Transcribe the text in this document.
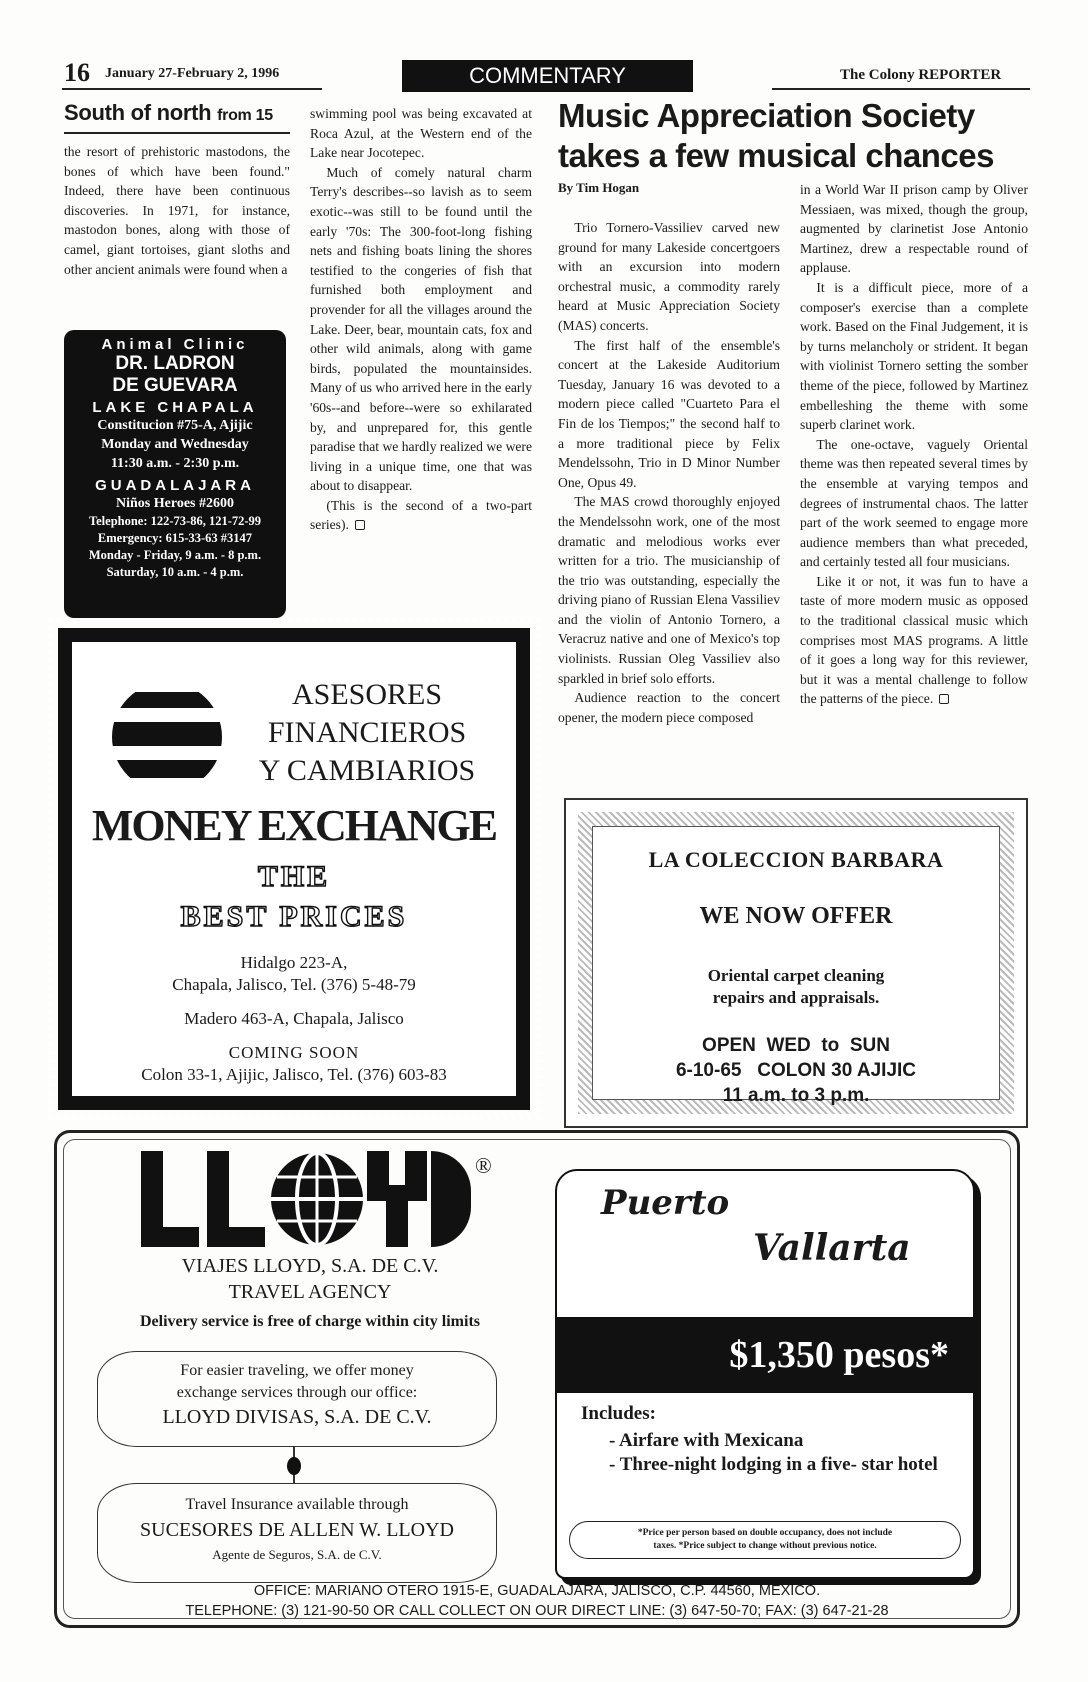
16 January 27-February 2, 1996	COMMENTARY	The Colony REPORTER
South of north from 15

the resort of prehistoric mastodons, the bones of which have been found." Indeed, there have been continuous discoveries. In 1971, for instance, mastodon bones, along with those of camel, giant tortoises, giant sloths and other ancient animals were found when a

Animal Clinic
DR. LADRON
DE GUEVARA
LAKE CHAPALA
Constitucion #75-A, Ajijic
Monday and Wednesday
11:30 a.m. - 2:30 p.m.
GUADALAJARA
Niños Heroes #2600
Telephone: 122-73-86, 121-72-99
Emergency: 615-33-63 #3147
Monday - Friday, 9 a.m. - 8 p.m.
Saturday, 10 a.m. - 4 p.m.

swimming pool was being excavated at Roca Azul, at the Western end of the Lake near Jocotepec.

Much of comely natural charm Terry's describes--so lavish as to seem exotic--was still to be found until the early '70s: The 300-foot-long fishing nets and fishing boats lining the shores testified to the congeries of fish that furnished both employment and provender for all the villages around the Lake. Deer, bear, mountain cats, fox and other wild animals, along with game birds, populated the mountainsides. Many of us who arrived here in the early '60s--and before--were so exhilarated by, and unprepared for, this gentle paradise that we hardly realized we were living in a unique time, one that was about to disappear.

(This is the second of a two-part series).

ASESORES
FINANCIEROS
Y CAMBIARIOS
MONEY EXCHANGE
THE
BEST PRICES
Hidalgo 223-A,
Chapala, Jalisco, Tel. (376) 5-48-79
Madero 463-A, Chapala, Jalisco
COMING SOON
Colon 33-1, Ajijic, Jalisco, Tel. (376) 603-83
Music Appreciation Society takes a few musical chances
By Tim Hogan

Trio Tornero-Vassiliev carved new ground for many Lakeside concertgoers with an excursion into modern orchestral music, a commodity rarely heard at Music Appreciation Society (MAS) concerts.

The first half of the ensemble's concert at the Lakeside Auditorium Tuesday, January 16 was devoted to a modern piece called "Cuarteto Para el Fin de los Tiempos;" the second half to a more traditional piece by Felix Mendelssohn, Trio in D Minor Number One, Opus 49.

The MAS crowd thoroughly enjoyed the Mendelssohn work, one of the most dramatic and melodious works ever written for a trio. The musicianship of the trio was outstanding, especially the driving piano of Russian Elena Vassiliev and the violin of Antonio Tornero, a Veracruz native and one of Mexico's top violinists. Russian Oleg Vassiliev also sparkled in brief solo efforts.

Audience reaction to the concert opener, the modern piece composed

in a World War II prison camp by Oliver Messiaen, was mixed, though the group, augmented by clarinetist Jose Antonio Martinez, drew a respectable round of applause.

It is a difficult piece, more of a composer's exercise than a complete work. Based on the Final Judgement, it is by turns melancholy or strident. It began with violinist Tornero setting the somber theme of the piece, followed by Martinez embelleshing the theme with some superb clarinet work.

The one-octave, vaguely Oriental theme was then repeated several times by the ensemble at varying tempos and degrees of instrumental chaos. The latter part of the work seemed to engage more audience members than what preceded, and certainly tested all four musicians.

Like it or not, it was fun to have a taste of more modern music as opposed to the traditional classical music which comprises most MAS programs. A little of it goes a long way for this reviewer, but it was a mental challenge to follow the patterns of the piece.

LA COLECCION BARBARA
WE NOW OFFER
Oriental carpet cleaning
repairs and appraisals.
OPEN  WED  to  SUN
6-10-65   COLON 30 AJIJIC
11 a.m. to 3 p.m.
®
VIAJES LLOYD, S.A. DE C.V.
TRAVEL AGENCY
Delivery service is free of charge within city limits
For easier traveling, we offer money
exchange services through our office:
LLOYD DIVISAS, S.A. DE C.V.
Travel Insurance available through
SUCESORES DE ALLEN W. LLOYD
Agente de Seguros, S.A. de C.V.
Puerto
Vallarta
$1,350 pesos*
Includes:
- Airfare with Mexicana
- Three-night lodging in a five- star hotel
*Price per person based on double occupancy, does not include
taxes. *Price subject to change without previous notice.
OFFICE: MARIANO OTERO 1915-E, GUADALAJARA, JALISCO, C.P. 44560, MEXICO.
TELEPHONE: (3) 121-90-50 OR CALL COLLECT ON OUR DIRECT LINE: (3) 647-50-70; FAX: (3) 647-21-28
